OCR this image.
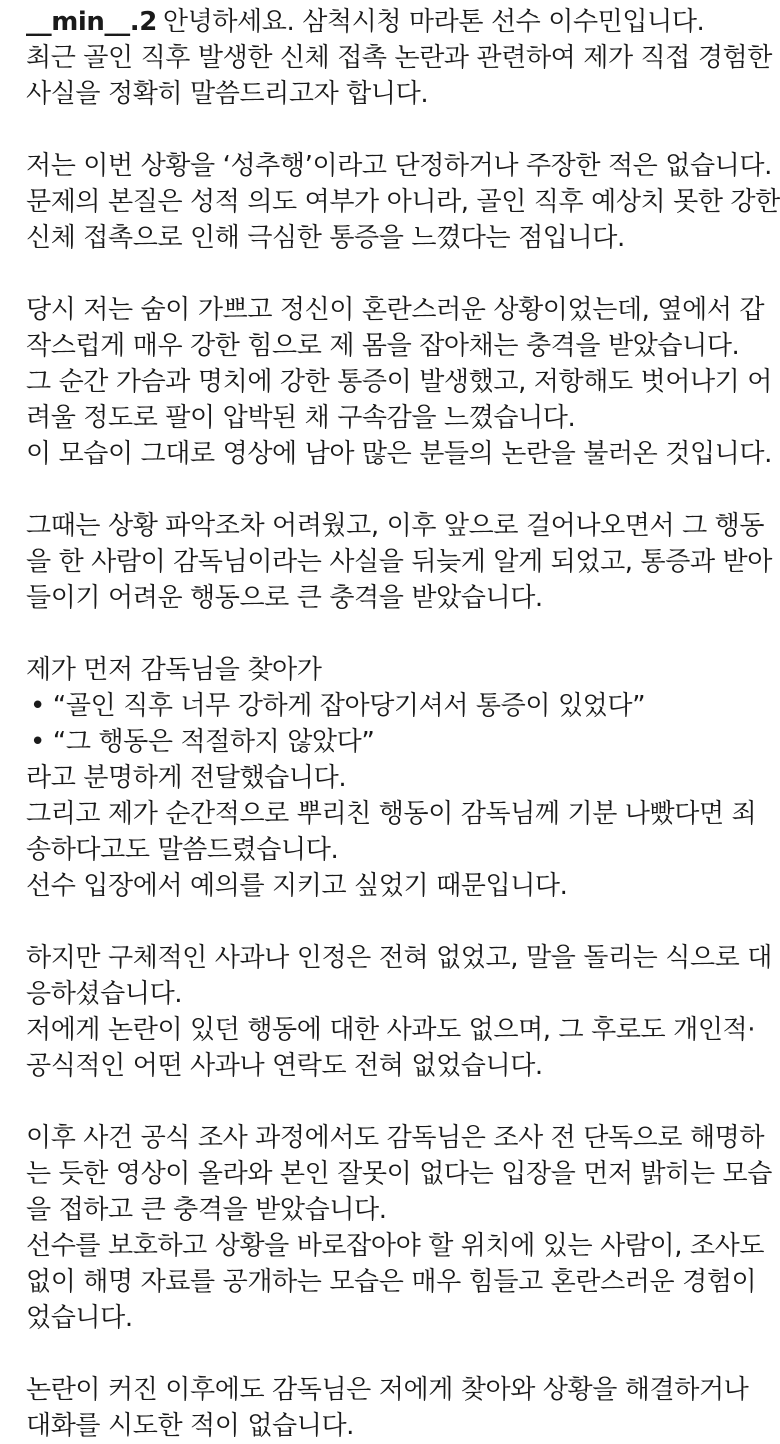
__min__.2 안녕하세요. 삼척시청 마라톤 선수 이수민입니다.
최근 골인 직후 발생한 신체 접촉 논란과 관련하여 제가 직접 경험한
사실을 정확히 말씀드리고자 합니다.
저는 이번 상황을 ‘성추행’이라고 단정하거나 주장한 적은 없습니다.
문제의 본질은 성적 의도 여부가 아니라, 골인 직후 예상치 못한 강한
신체 접촉으로 인해 극심한 통증을 느꼈다는 점입니다.
당시 저는 숨이 가쁘고 정신이 혼란스러운 상황이었는데, 옆에서 갑
작스럽게 매우 강한 힘으로 제 몸을 잡아채는 충격을 받았습니다.
그 순간 가슴과 명치에 강한 통증이 발생했고, 저항해도 벗어나기 어
려울 정도로 팔이 압박된 채 구속감을 느꼈습니다.
이 모습이 그대로 영상에 남아 많은 분들의 논란을 불러온 것입니다.
그때는 상황 파악조차 어려웠고, 이후 앞으로 걸어나오면서 그 행동
을 한 사람이 감독님이라는 사실을 뒤늦게 알게 되었고, 통증과 받아
들이기 어려운 행동으로 큰 충격을 받았습니다.
제가 먼저 감독님을 찾아가
• “골인 직후 너무 강하게 잡아당기셔서 통증이 있었다”
• “그 행동은 적절하지 않았다”
라고 분명하게 전달했습니다.
그리고 제가 순간적으로 뿌리친 행동이 감독님께 기분 나빴다면 죄
송하다고도 말씀드렸습니다.
선수 입장에서 예의를 지키고 싶었기 때문입니다.
하지만 구체적인 사과나 인정은 전혀 없었고, 말을 돌리는 식으로 대
응하셨습니다.
저에게 논란이 있던 행동에 대한 사과도 없으며, 그 후로도 개인적·
공식적인 어떤 사과나 연락도 전혀 없었습니다.
이후 사건 공식 조사 과정에서도 감독님은 조사 전 단독으로 해명하
는 듯한 영상이 올라와 본인 잘못이 없다는 입장을 먼저 밝히는 모습
을 접하고 큰 충격을 받았습니다.
선수를 보호하고 상황을 바로잡아야 할 위치에 있는 사람이, 조사도
없이 해명 자료를 공개하는 모습은 매우 힘들고 혼란스러운 경험이
었습니다.
논란이 커진 이후에도 감독님은 저에게 찾아와 상황을 해결하거나
대화를 시도한 적이 없습니다.
